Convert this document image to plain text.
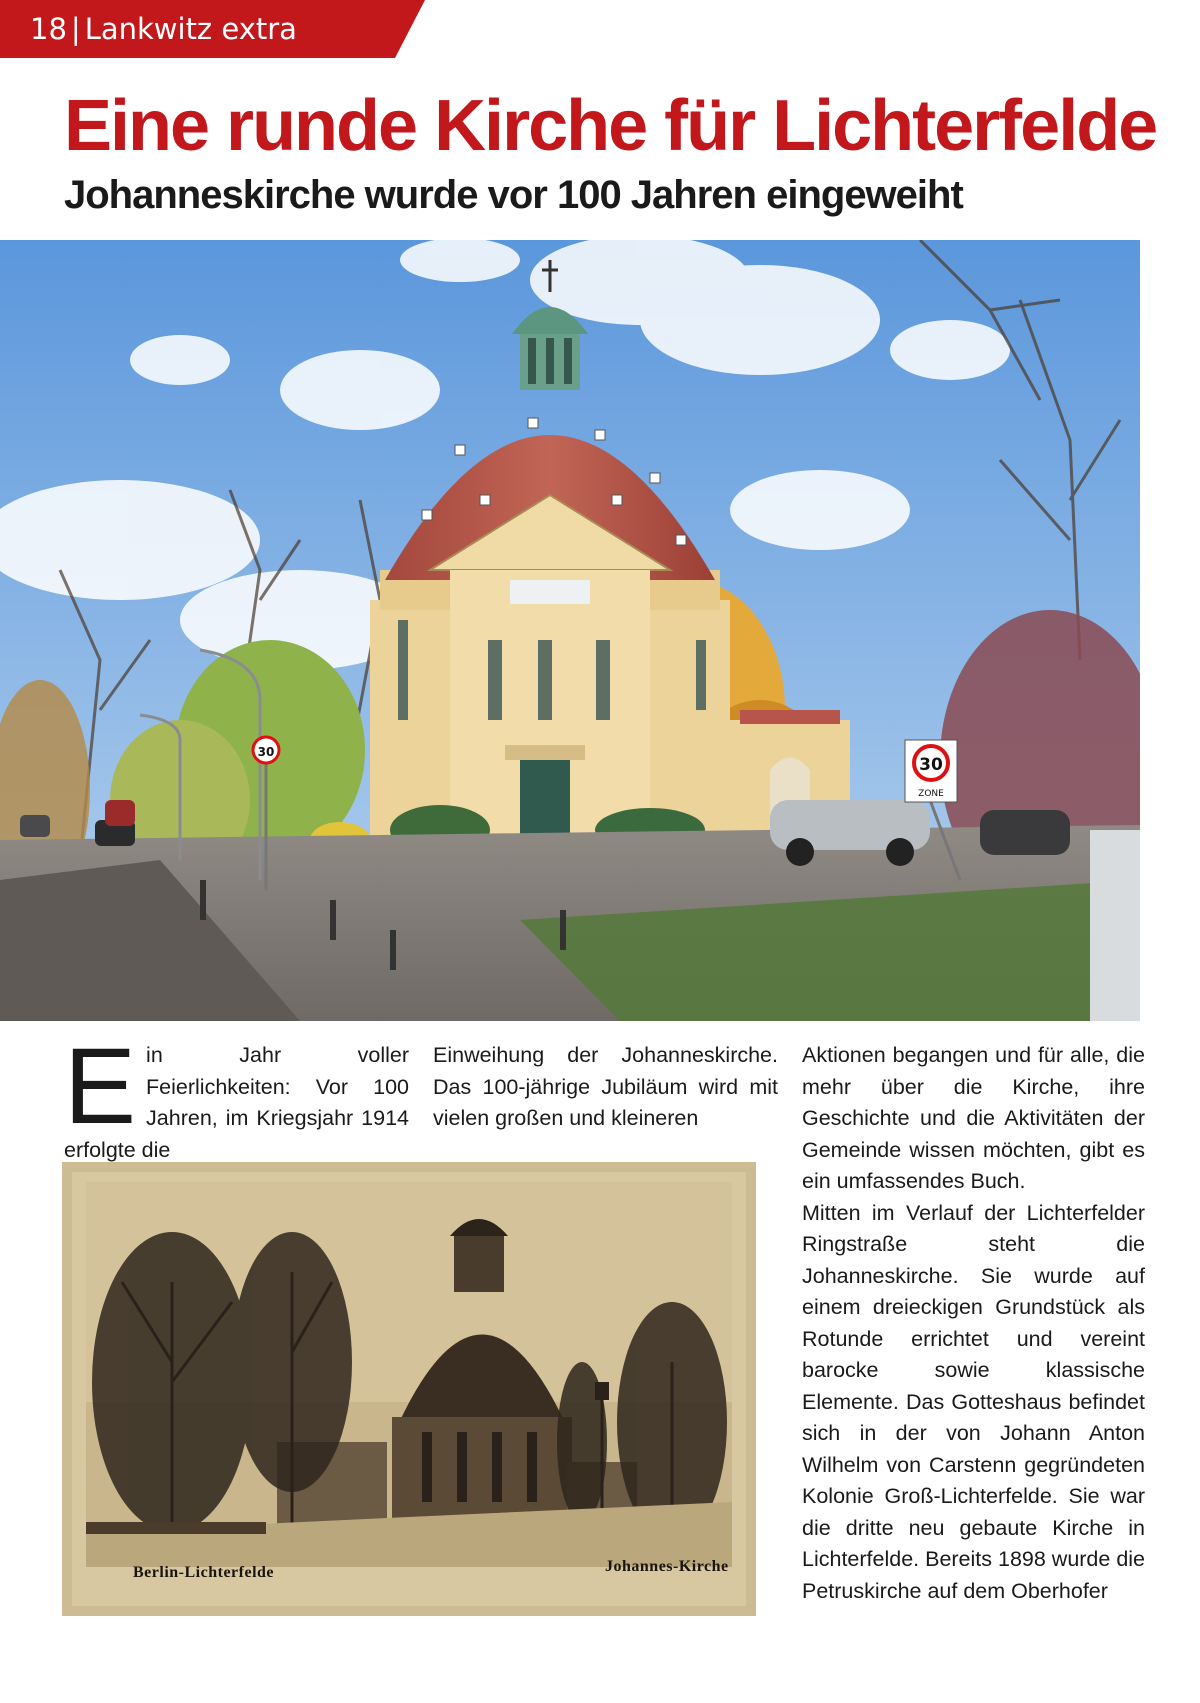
18 | Lankwitz extra
Eine runde Kirche für Lichterfelde
Johanneskirche wurde vor 100 Jahren eingeweiht
30
30
ZONE
E in Jahr voller Feierlichkeiten: Vor 100 Jahren, im Kriegsjahr 1914 erfolgte die
Einweihung der Johanneskirche. Das 100-jährige Jubiläum wird mit vielen großen und kleineren

Aktionen begangen und für alle, die mehr über die Kirche, ihre Geschichte und die Aktivitäten der Gemeinde wissen möchten, gibt es ein umfassendes Buch.

Mitten im Verlauf der Lichterfelder Ringstraße steht die Johanneskirche. Sie wurde auf einem dreieckigen Grundstück als Rotunde errichtet und vereint barocke sowie klassische Elemente. Das Gotteshaus befindet sich in der von Johann Anton Wilhelm von Carstenn gegründeten Kolonie Groß-Lichterfelde. Sie war die dritte neu gebaute Kirche in Lichterfelde. Bereits 1898 wurde die Petruskirche auf dem Oberhofer

Berlin-Lichterfelde	Johannes-Kirche
